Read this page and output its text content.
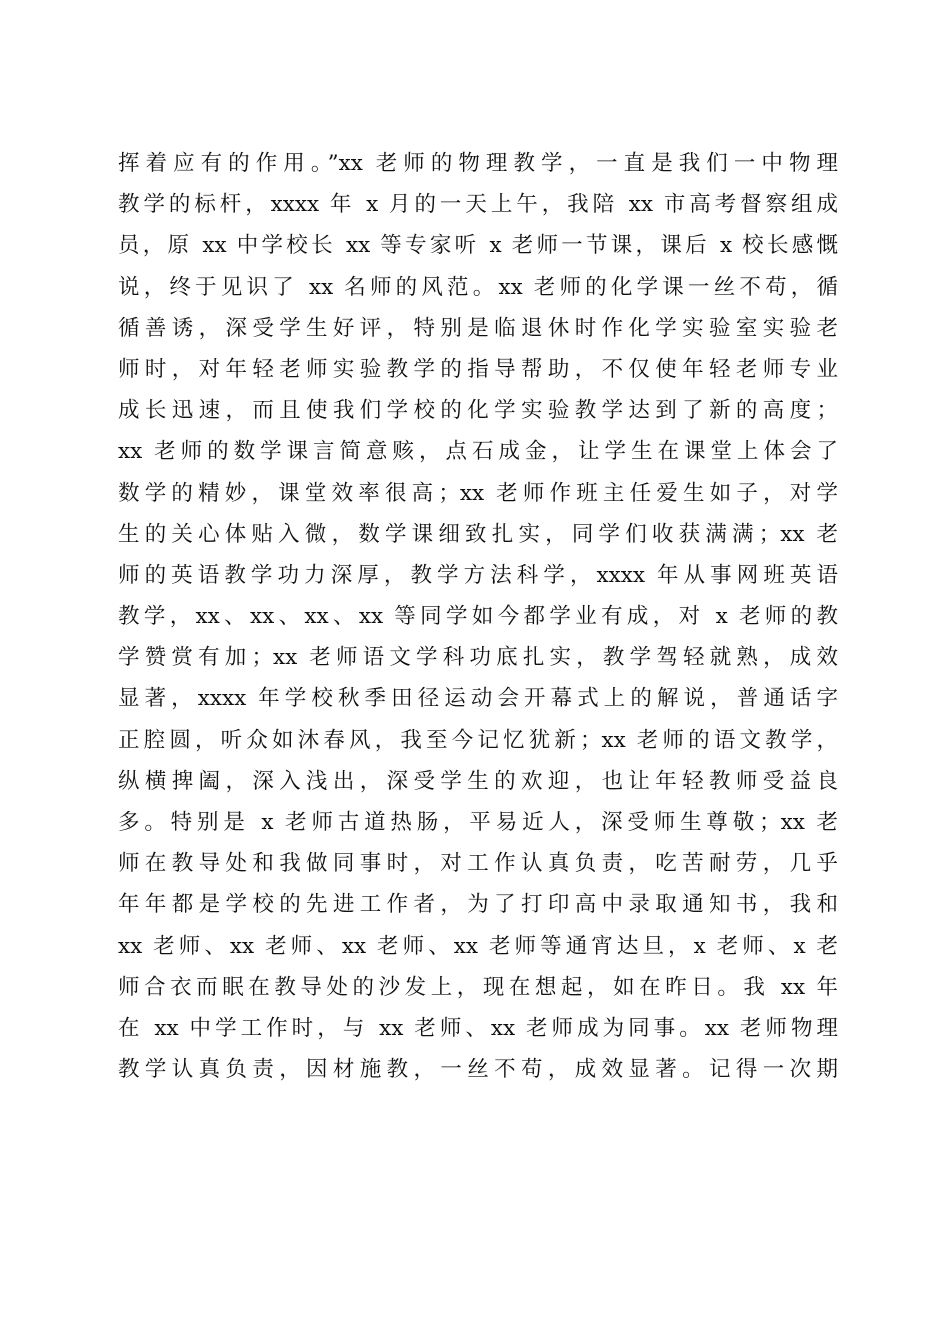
挥着应有的作用。”xx 老师的物理教学，一直是我们一中物理
教学的标杆，xxxx 年 x 月的一天上午，我陪 xx 市高考督察组成
员，原 xx 中学校长 xx 等专家听 x 老师一节课，课后 x 校长感慨
说，终于见识了 xx 名师的风范。xx 老师的化学课一丝不苟，循
循善诱，深受学生好评，特别是临退休时作化学实验室实验老
师时，对年轻老师实验教学的指导帮助，不仅使年轻老师专业
成长迅速，而且使我们学校的化学实验教学达到了新的高度；
xx 老师的数学课言简意赅，点石成金，让学生在课堂上体会了
数学的精妙，课堂效率很高；xx 老师作班主任爱生如子，对学
生的关心体贴入微，数学课细致扎实，同学们收获满满；xx 老
师的英语教学功力深厚，教学方法科学，xxxx 年从事网班英语
教学，xx、xx、xx、xx 等同学如今都学业有成，对 x 老师的教
学赞赏有加；xx 老师语文学科功底扎实，教学驾轻就熟，成效
显著，xxxx 年学校秋季田径运动会开幕式上的解说，普通话字
正腔圆，听众如沐春风，我至今记忆犹新；xx 老师的语文教学，
纵横捭阖，深入浅出，深受学生的欢迎，也让年轻教师受益良
多。特别是 x 老师古道热肠，平易近人，深受师生尊敬；xx 老
师在教导处和我做同事时，对工作认真负责，吃苦耐劳，几乎
年年都是学校的先进工作者，为了打印高中录取通知书，我和
xx 老师、xx 老师、xx 老师、xx 老师等通宵达旦，x 老师、x 老
师合衣而眠在教导处的沙发上，现在想起，如在昨日。我 xx 年
在 xx 中学工作时，与 xx 老师、xx 老师成为同事。xx 老师物理
教学认真负责，因材施教，一丝不苟，成效显著。记得一次期
